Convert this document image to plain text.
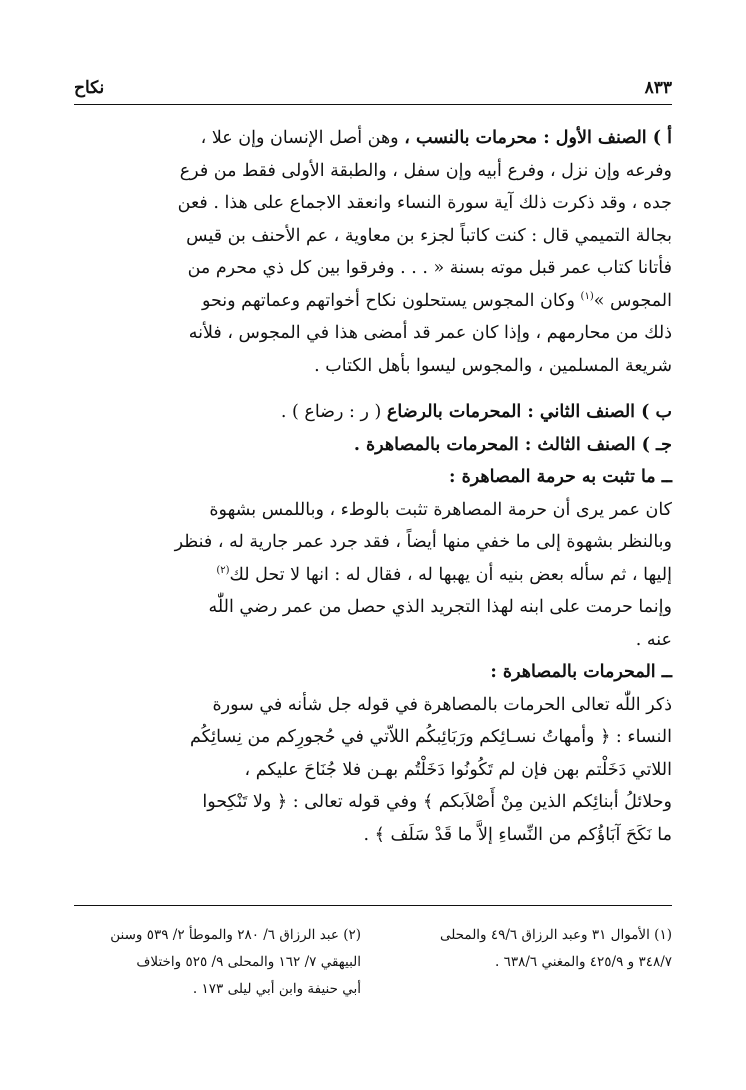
٨٣٣
نكاح

أ ) الصنف الأول : محرمات بالنسب ، وهن أصل الإنسان وإن علا ،

وفرعه وإن نزل ، وفرع أبيه وإن سفل ، والطبقة الأولى فقط من فرع

جده ، وقد ذكرت ذلك آية سورة النساء وانعقد الاجماع على هذا . فعن

بجالة التميمي قال : كنت كاتباً لجزء بن معاوية ، عم الأحنف بن قيس

فأتانا كتاب عمر قبل موته بسنة « . . . وفرقوا بين كل ذي محرم من

المجوس »$^{(١)}$ وكان المجوس يستحلون نكاح أخواتهم وعماتهم ونحو

ذلك من محارمهم ، وإذا كان عمر قد أمضى هذا في المجوس ، فلأنه

شريعة المسلمين ، والمجوس ليسوا بأهل الكتاب .

ب ) الصنف الثاني : المحرمات بالرضاع ( ر : رضاع ) .

جـ ) الصنف الثالث : المحرمات بالمصاهرة .

ــ ما تثبت به حرمة المصاهرة :

كان عمر يرى أن حرمة المصاهرة تثبت بالوطء ، وباللمس بشهوة

وبالنظر بشهوة إلى ما خفي منها أيضاً ، فقد جرد عمر جارية له ، فنظر

إليها ، ثم سأله بعض بنيه أن يهبها له ، فقال له : انها لا تحل لك$^{(٢)}$

وإنما حرمت على ابنه لهذا التجريد الذي حصل من عمر رضي اللّٰه

عنه .

ــ المحرمات بالمصاهرة :

ذكر اللّٰه تعالى الحرمات بالمصاهرة في قوله جل شأنه في سورة

النساء : ﴿ وأمهاتُ نسـائِكم ورَبَائِبكُم اللاّتي في حُجورِكم من نِسائِكُم

اللاتي دَخَلْتم بهن فإن لم تَكُونُوا دَخَلْتُم بهـن فلا جُنَاحَ عليكم ،

وحلائلُ أبنائِكم الذين مِنْ أَصْلاَبكم ﴾ وفي قوله تعالى : ﴿ ولا تَنْكِحوا

ما نَكَحَ آبَاؤُكم من النِّساءِ إلاَّ ما قَدْ سَلَف ﴾ .

(١) الأموال ٣١ وعبد الرزاق ٤٩/٦ والمحلى

٣٤٨/٧ و ٤٢٥/٩ والمغني ٦٣٨/٦ .

(٢) عبد الرزاق ٦/ ٢٨٠ والموطأ ٢/ ٥٣٩ وسنن

البيهقي ٧/ ١٦٢ والمحلى ٩/ ٥٢٥ واختلاف

أبي حنيفة وابن أبي ليلى ١٧٣ .
